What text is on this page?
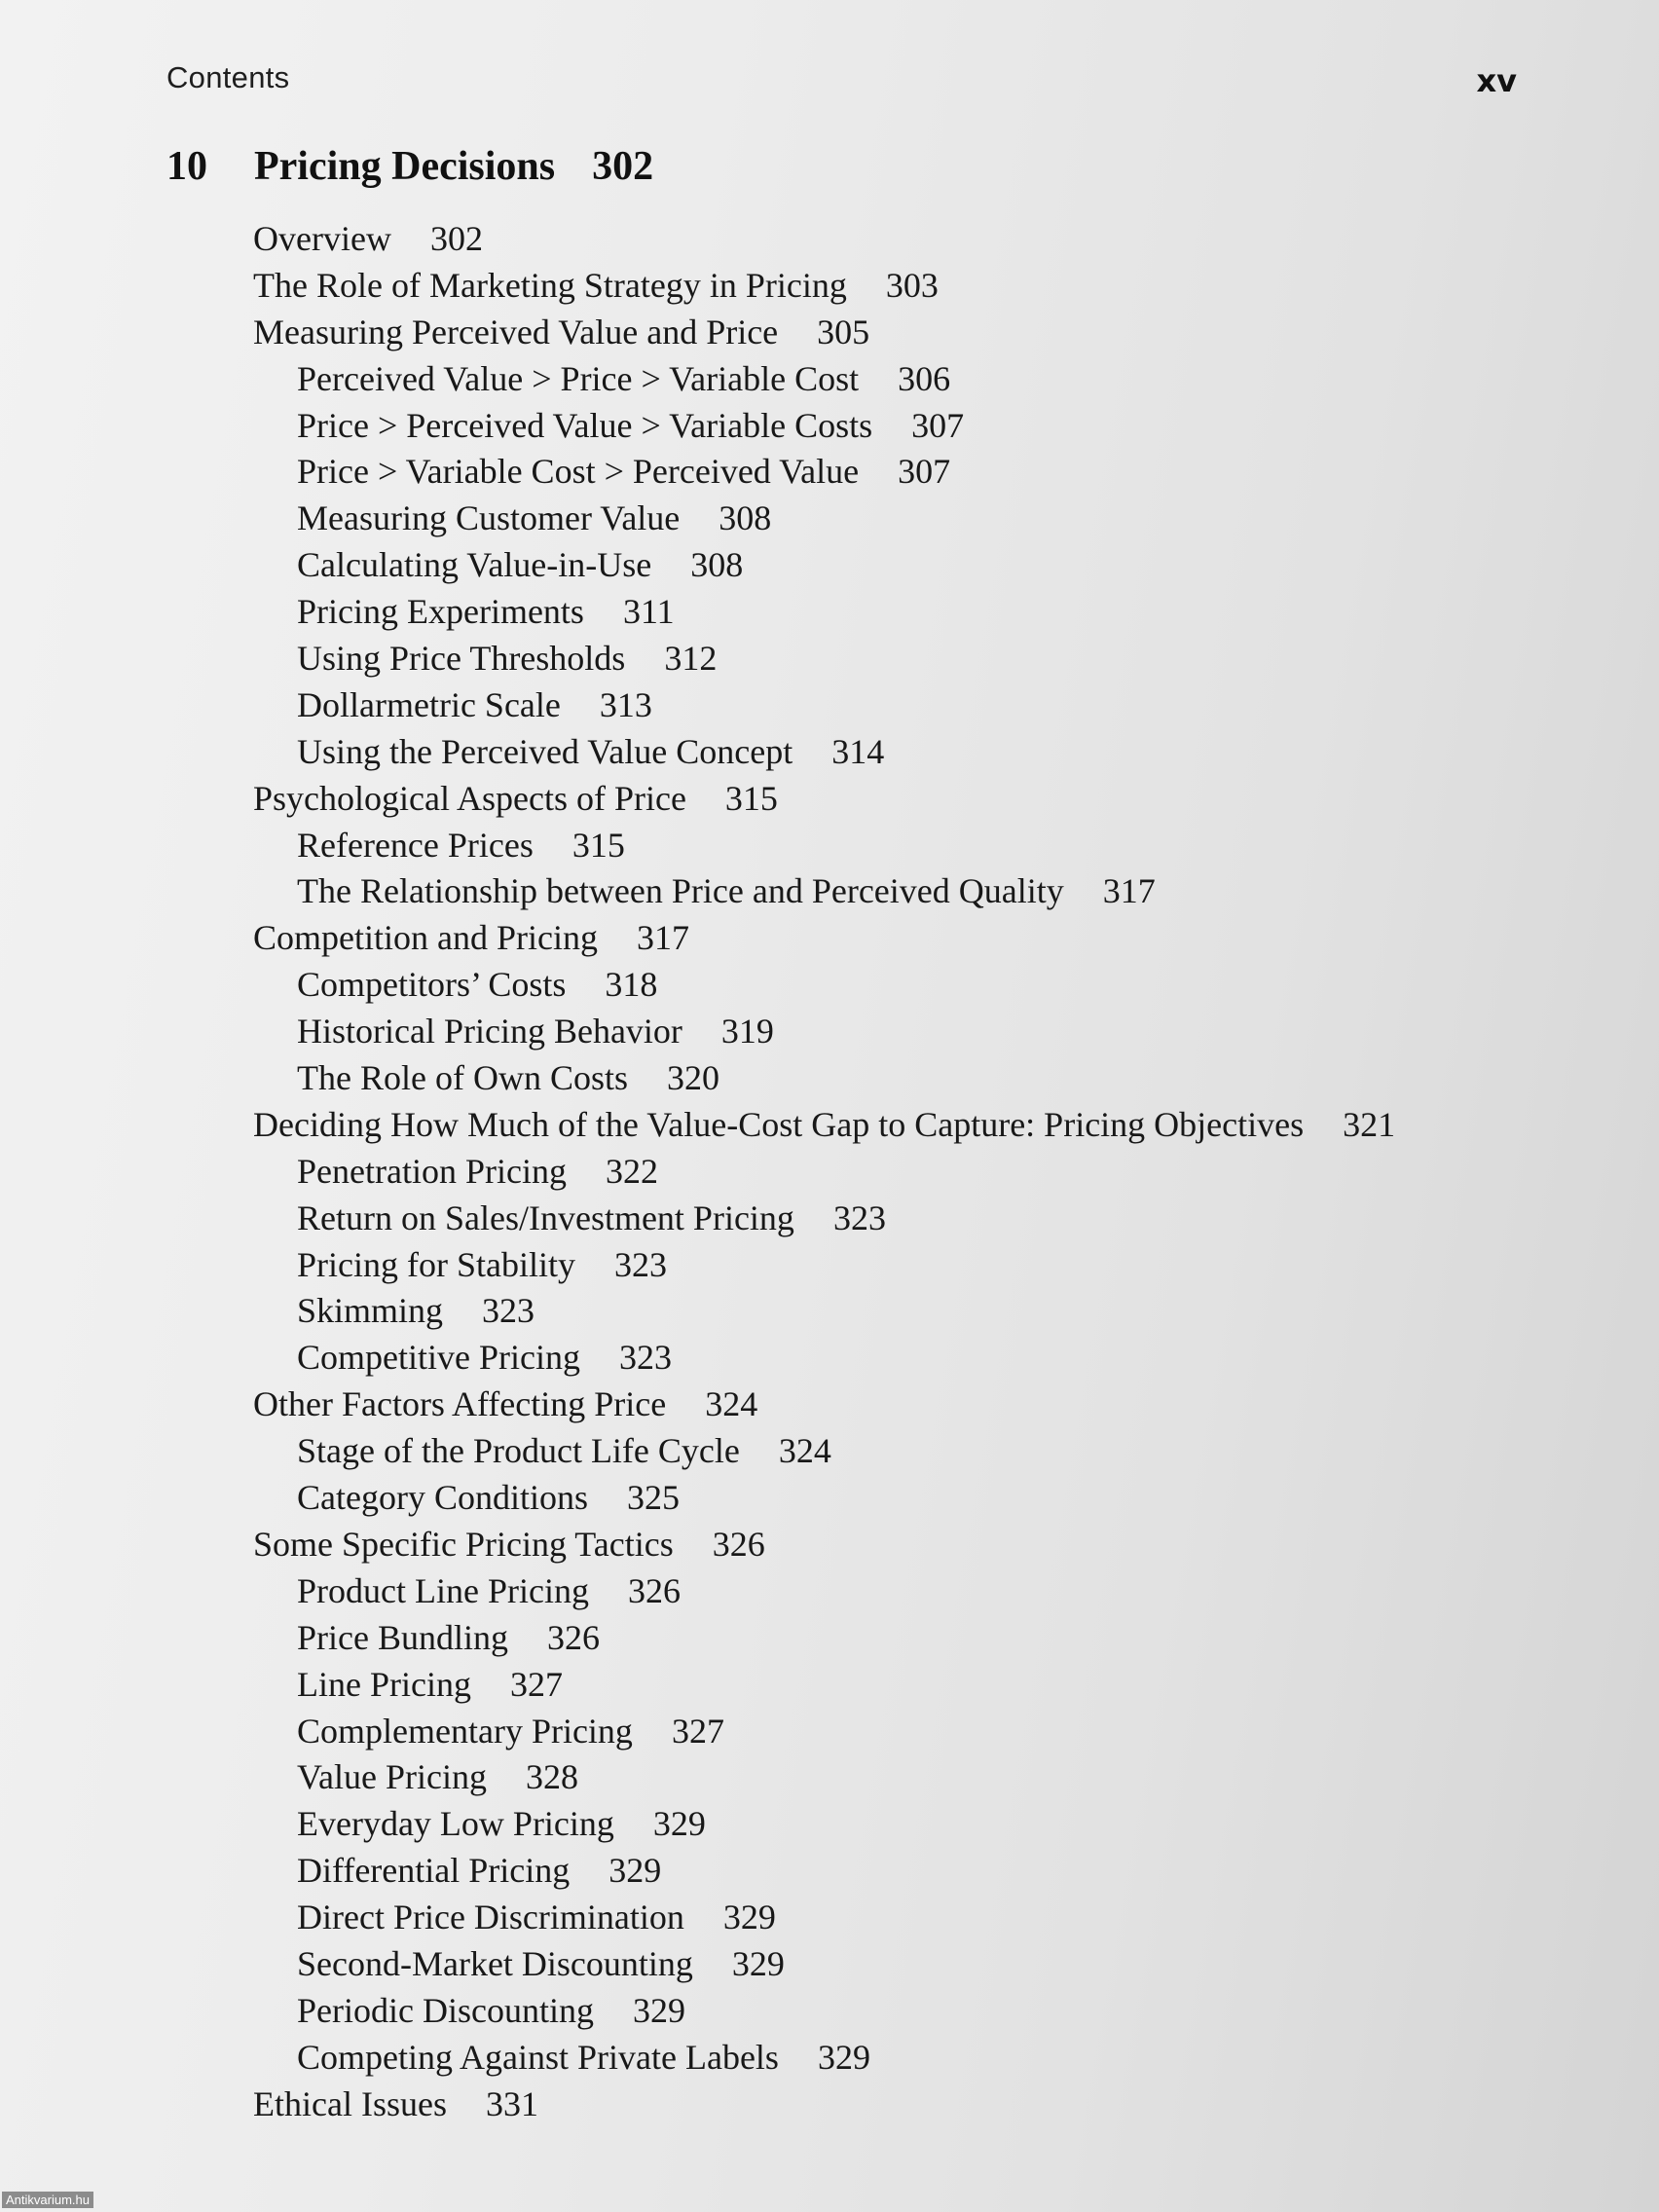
Contents	xv
10 Pricing Decisions 302
Overview 302
The Role of Marketing Strategy in Pricing 303
Measuring Perceived Value and Price 305
Perceived Value > Price > Variable Cost 306
Price > Perceived Value > Variable Costs 307
Price > Variable Cost > Perceived Value 307
Measuring Customer Value 308
Calculating Value-in-Use 308
Pricing Experiments 311
Using Price Thresholds 312
Dollarmetric Scale 313
Using the Perceived Value Concept 314
Psychological Aspects of Price 315
Reference Prices 315
The Relationship between Price and Perceived Quality 317
Competition and Pricing 317
Competitors’ Costs 318
Historical Pricing Behavior 319
The Role of Own Costs 320
Deciding How Much of the Value-Cost Gap to Capture: Pricing Objectives 321
Penetration Pricing 322
Return on Sales/Investment Pricing 323
Pricing for Stability 323
Skimming 323
Competitive Pricing 323
Other Factors Affecting Price 324
Stage of the Product Life Cycle 324
Category Conditions 325
Some Specific Pricing Tactics 326
Product Line Pricing 326
Price Bundling 326
Line Pricing 327
Complementary Pricing 327
Value Pricing 328
Everyday Low Pricing 329
Differential Pricing 329
Direct Price Discrimination 329
Second-Market Discounting 329
Periodic Discounting 329
Competing Against Private Labels 329
Ethical Issues 331
Antikvarium.hu
